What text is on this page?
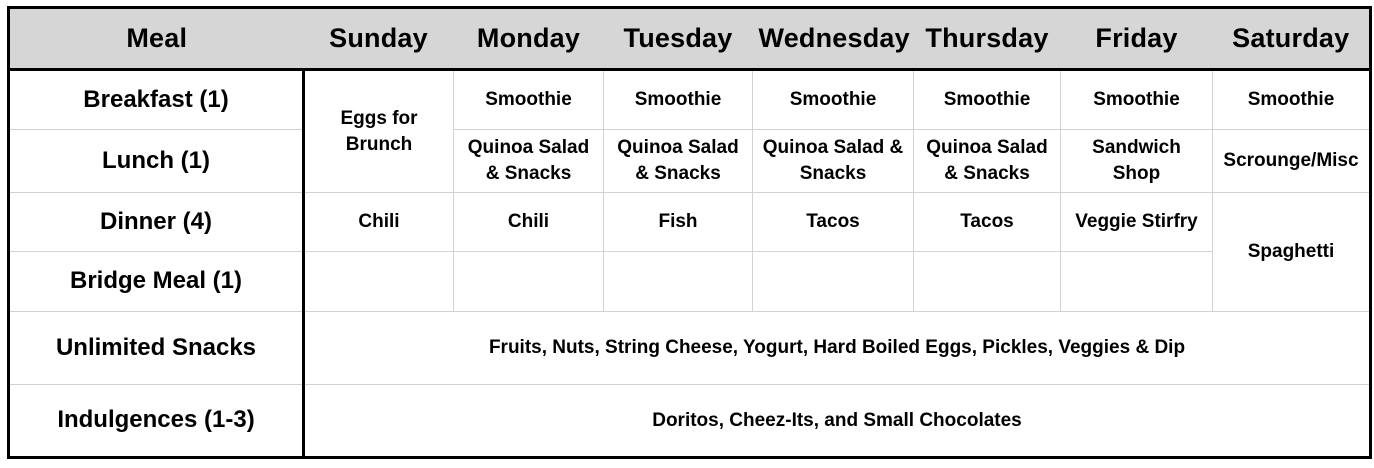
Meal	Sunday	Monday	Tuesday	Wednesday	Thursday	Friday	Saturday
Breakfast (1)	Eggs for Brunch	Smoothie	Smoothie	Smoothie	Smoothie	Smoothie	Smoothie
Lunch (1)		Quinoa Salad & Snacks	Quinoa Salad & Snacks	Quinoa Salad & Snacks	Quinoa Salad & Snacks	Sandwich Shop	Scrounge/Misc
Dinner (4)	Chili	Chili	Fish	Tacos	Tacos	Veggie Stirfry	Spaghetti
Bridge Meal (1)							
Unlimited Snacks	Fruits, Nuts, String Cheese, Yogurt, Hard Boiled Eggs, Pickles, Veggies & Dip						
Indulgences (1-3)	Doritos, Cheez-Its, and Small Chocolates						
